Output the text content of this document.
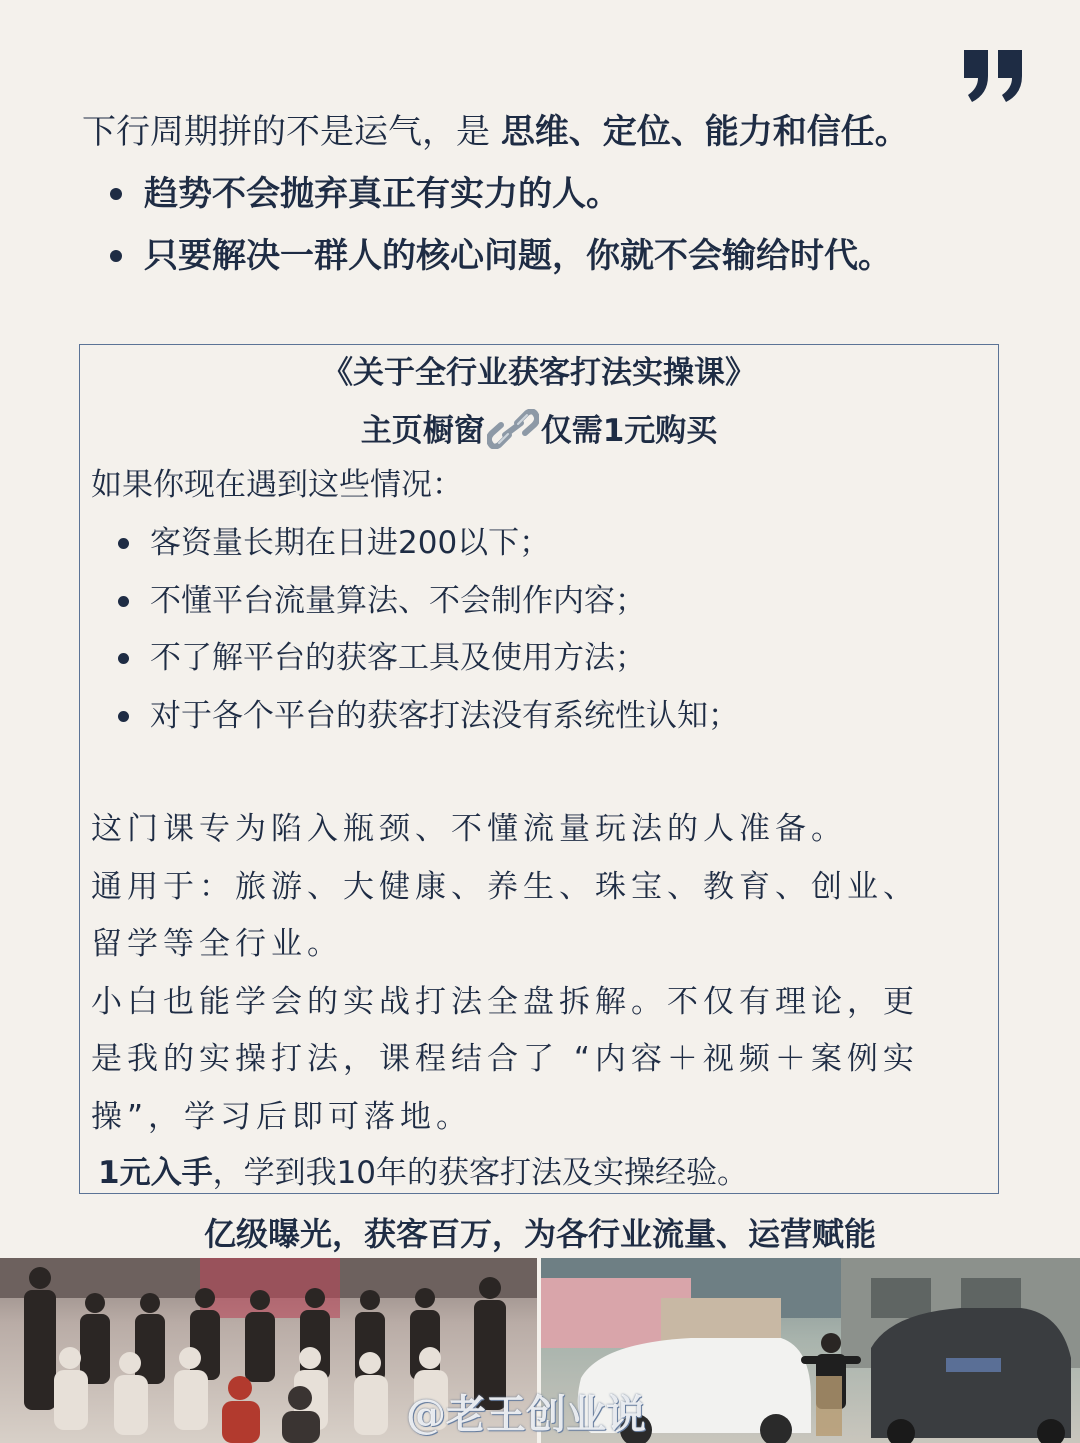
下行周期拼的不是运气，是 思维、定位、能力和信任。
趋势不会抛弃真正有实力的人。
只要解决一群人的核心问题，你就不会输给时代。
《关于全行业获客打法实操课》
主页橱窗 仅需1元购买
如果你现在遇到这些情况：
客资量长期在日进200以下；
不懂平台流量算法、不会制作内容；
不了解平台的获客工具及使用方法；
对于各个平台的获客打法没有系统性认知；
这门课专为陷入瓶颈、不懂流量玩法的人准备。
通用于：旅游、大健康、养生、珠宝、教育、创业、
留学等全行业。
小白也能学会的实战打法全盘拆解。不仅有理论，更
是我的实操打法，课程结合了 “内容＋视频＋案例实
操”，学习后即可落地。
1元入手，学到我10年的获客打法及实操经验。
亿级曝光，获客百万，为各行业流量、运营赋能
@老王创业说
